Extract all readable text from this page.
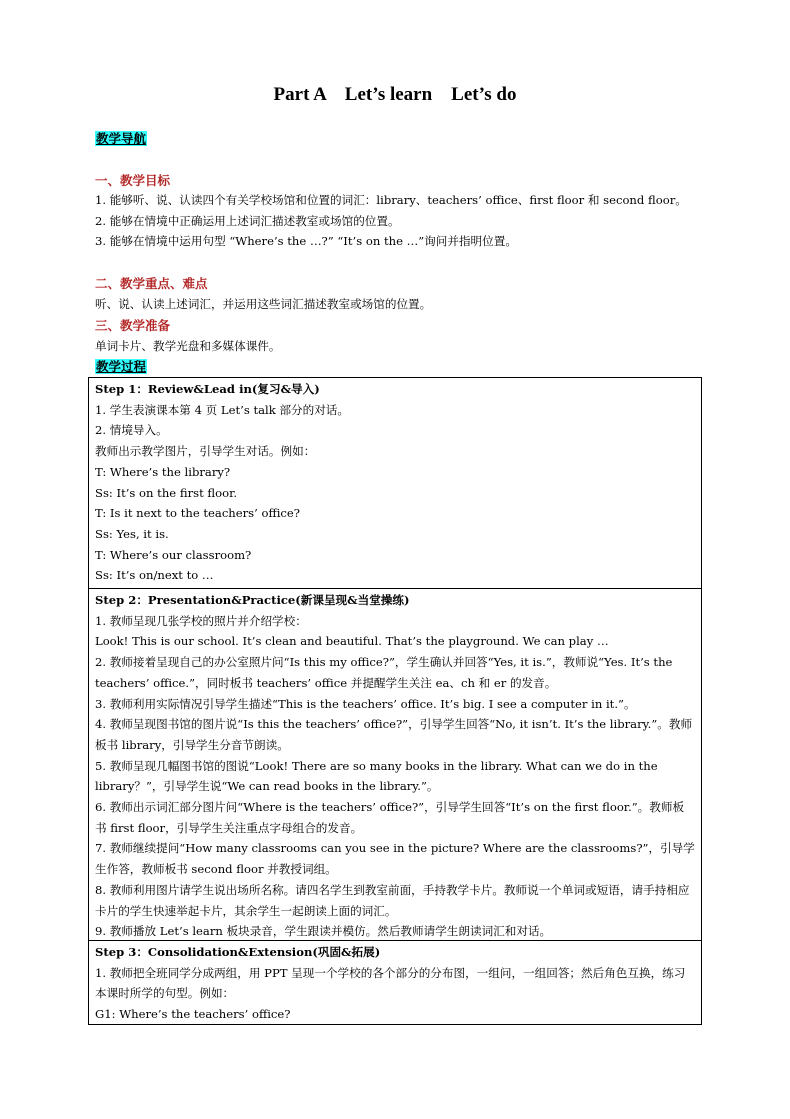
Part A    Let’s learn    Let’s do
教学导航
一、教学目标

1. 能够听、说、认读四个有关学校场馆和位置的词汇：library、teachers’ office、first floor 和 second floor。

2. 能够在情境中正确运用上述词汇描述教室或场馆的位置。

3. 能够在情境中运用句型 “Where’s the …?” “It’s on the …”询问并指明位置。

二、教学重点、难点
听、说、认读上述词汇，并运用这些词汇描述教室或场馆的位置。
三、教学准备
单词卡片、教学光盘和多媒体课件。
教学过程

Step 1：Review&Lead in(复习&导入)

1. 学生表演课本第 4 页 Let’s talk 部分的对话。

2. 情境导入。

教师出示教学图片，引导学生对话。例如：

T: Where’s the library?

Ss: It’s on the first floor.

T: Is it next to the teachers’ office?

Ss: Yes, it is.

T: Where’s our classroom?

Ss: It’s on/next to …

Step 2：Presentation&Practice(新课呈现&当堂操练)

1. 教师呈现几张学校的照片并介绍学校：

Look! This is our school. It’s clean and beautiful. That’s the playground. We can play …

2. 教师接着呈现自己的办公室照片问“Is this my office?”，学生确认并回答“Yes, it is.”，教师说“Yes. It’s the teachers’ office.”，同时板书 teachers’ office 并提醒学生关注 ea、ch 和 er 的发音。

3. 教师利用实际情况引导学生描述“This is the teachers’ office. It’s big. I see a computer in it.”。

4. 教师呈现图书馆的图片说“Is this the teachers’ office?”，引导学生回答“No, it isn’t. It’s the library.”。教师板书 library，引导学生分音节朗读。

5. 教师呈现几幅图书馆的图说“Look! There are so many books in the library. What can we do in the library？”，引导学生说“We can read books in the library.”。

6. 教师出示词汇部分图片问“Where is the teachers’ office?”，引导学生回答“It’s on the first floor.”。教师板书 first floor，引导学生关注重点字母组合的发音。

7. 教师继续提问“How many classrooms can you see in the picture? Where are the classrooms?”，引导学生作答，教师板书 second floor 并教授词组。

8. 教师利用图片请学生说出场所名称。请四名学生到教室前面，手持教学卡片。教师说一个单词或短语，请手持相应卡片的学生快速举起卡片，其余学生一起朗读上面的词汇。

9. 教师播放 Let’s learn 板块录音，学生跟读并模仿。然后教师请学生朗读词汇和对话。

Step 3：Consolidation&Extension(巩固&拓展)

1. 教师把全班同学分成两组，用 PPT 呈现一个学校的各个部分的分布图，一组问，一组回答；然后角色互换，练习本课时所学的句型。例如：

G1: Where’s the teachers’ office?
